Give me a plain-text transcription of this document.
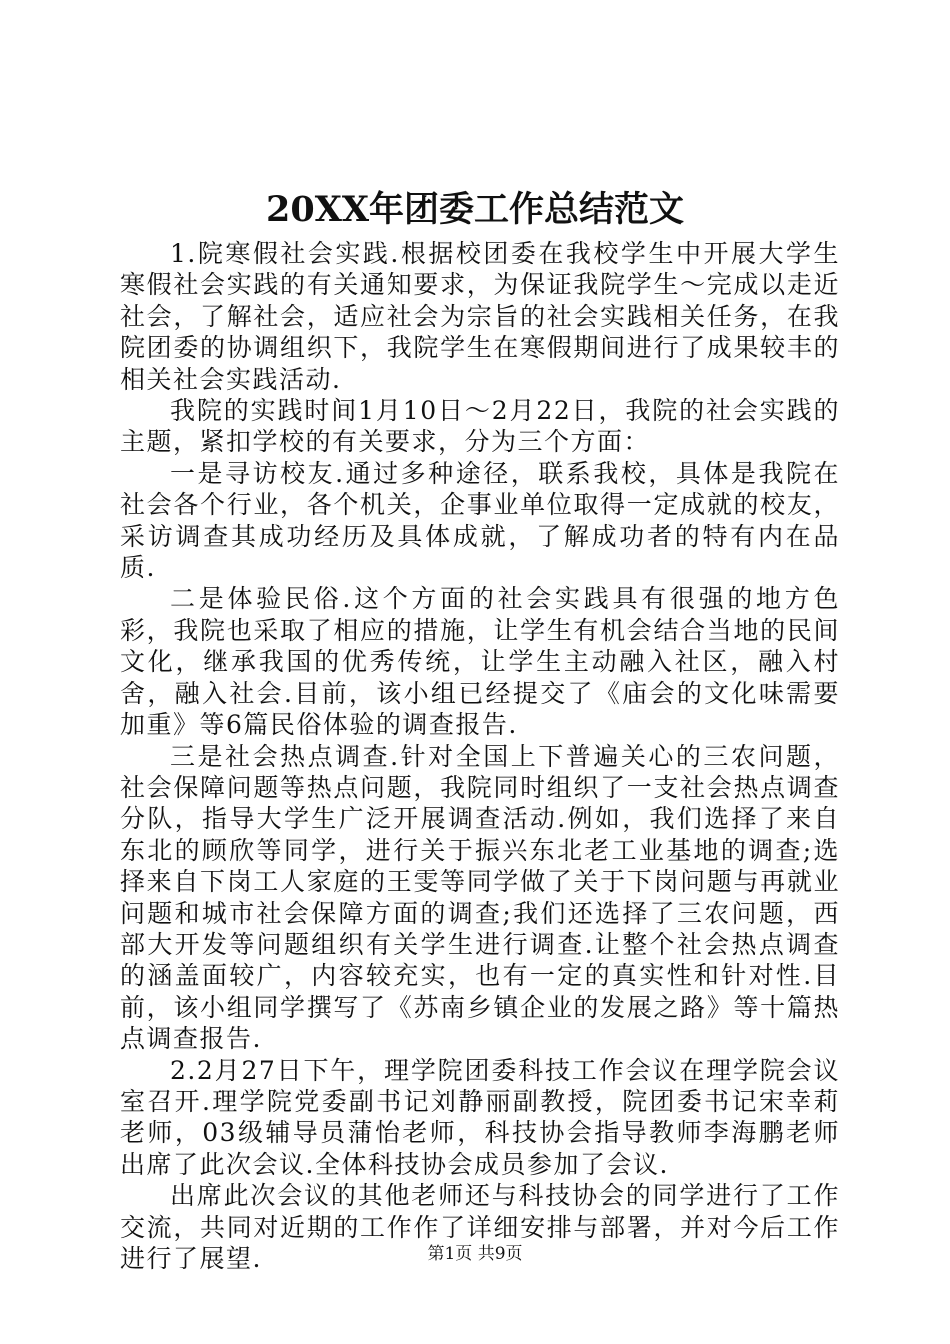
20XX年团委工作总结范文

1.院寒假社会实践.根据校团委在我校学生中开展大学生寒假社会实践的有关通知要求，为保证我院学生～完成以走近社会，了解社会，适应社会为宗旨的社会实践相关任务，在我院团委的协调组织下，我院学生在寒假期间进行了成果较丰的相关社会实践活动.

我院的实践时间1月10日～2月22日，我院的社会实践的主题，紧扣学校的有关要求，分为三个方面：

一是寻访校友.通过多种途径，联系我校，具体是我院在社会各个行业，各个机关，企事业单位取得一定成就的校友，采访调查其成功经历及具体成就，了解成功者的特有内在品质.

二是体验民俗.这个方面的社会实践具有很强的地方色彩，我院也采取了相应的措施，让学生有机会结合当地的民间文化，继承我国的优秀传统，让学生主动融入社区，融入村舍，融入社会.目前，该小组已经提交了《庙会的文化味需要加重》等6篇民俗体验的调查报告.

三是社会热点调查.针对全国上下普遍关心的三农问题，社会保障问题等热点问题，我院同时组织了一支社会热点调查分队，指导大学生广泛开展调查活动.例如，我们选择了来自东北的顾欣等同学，进行关于振兴东北老工业基地的调查;选择来自下岗工人家庭的王雯等同学做了关于下岗问题与再就业问题和城市社会保障方面的调查;我们还选择了三农问题，西部大开发等问题组织有关学生进行调查.让整个社会热点调查的涵盖面较广，内容较充实，也有一定的真实性和针对性.目前，该小组同学撰写了《苏南乡镇企业的发展之路》等十篇热点调查报告.

2.2月27日下午，理学院团委科技工作会议在理学院会议室召开.理学院党委副书记刘静丽副教授，院团委书记宋幸莉老师，03级辅导员蒲怡老师，科技协会指导教师李海鹏老师出席了此次会议.全体科技协会成员参加了会议.

出席此次会议的其他老师还与科技协会的同学进行了工作交流，共同对近期的工作作了详细安排与部署，并对今后工作进行了展望.	第1页 共9页
